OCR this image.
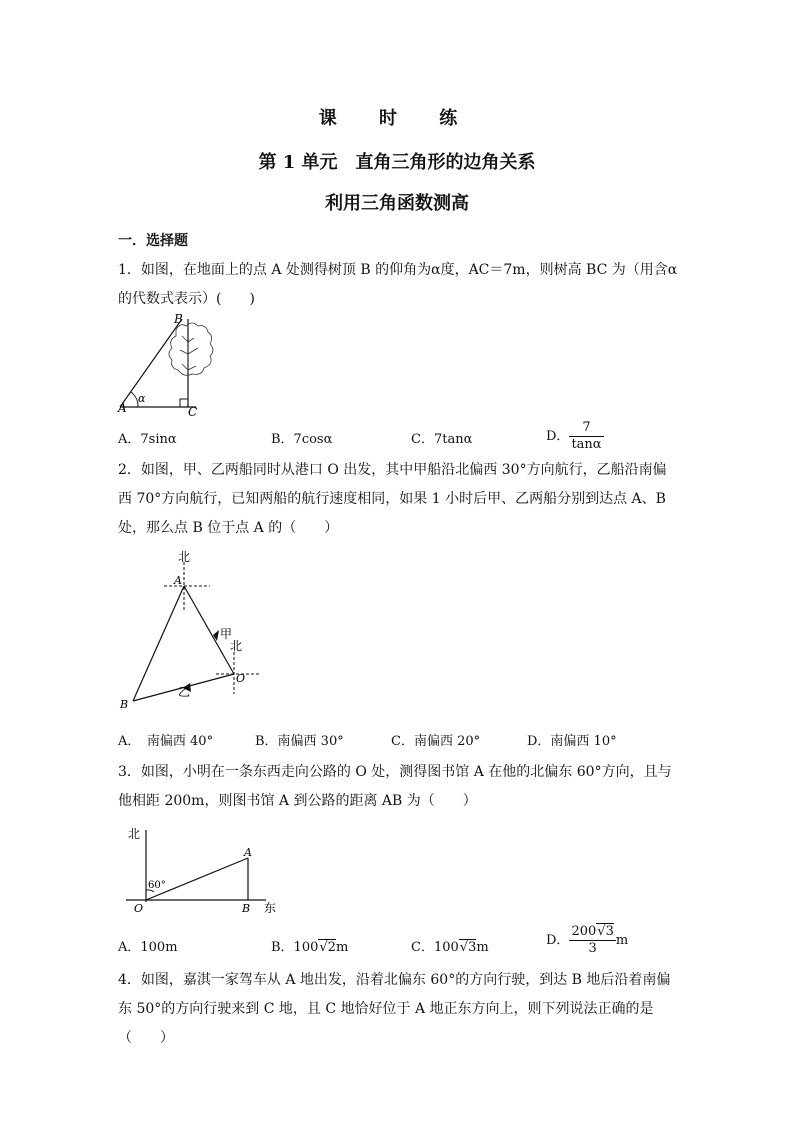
课 时 练
第 1 单元　直角三角形的边角关系
利用三角函数测高
一．选择题
1．如图，在地面上的点 A 处测得树顶 B 的仰角为α度，AC＝7m，则树高 BC 为（用含α的代数式表示）(　　)
B
A	C
α
A．7sinα	B．7cosα	C．7tanα	D． $\frac{7}{\tan\alpha}$
2．如图，甲、乙两船同时从港口 O 出发，其中甲船沿北偏西 30°方向航行，乙船沿南偏西 70°方向航行，已知两船的航行速度相同，如果 1 小时后甲、乙两船分别到达点 A、B 处，那么点 B 位于点 A 的（　　）
北
北
A
B
O
甲
乙
A．　南偏西 40°	B．南偏西 30°	C．南偏西 20°	D．南偏西 10°
3．如图，小明在一条东西走向公路的 O 处，测得图书馆 A 在他的北偏东 60°方向，且与他相距 200m，则图书馆 A 到公路的距离 AB 为（　　）
北
东
A
B
O
60°
A．100m	B．100√2m	C．100√3m	D． $\frac{200√3}{3}$ m
4．如图，嘉淇一家驾车从 A 地出发，沿着北偏东 60°的方向行驶，到达 B 地后沿着南偏东 50°的方向行驶来到 C 地，且 C 地恰好位于 A 地正东方向上，则下列说法正确的是（　　）
